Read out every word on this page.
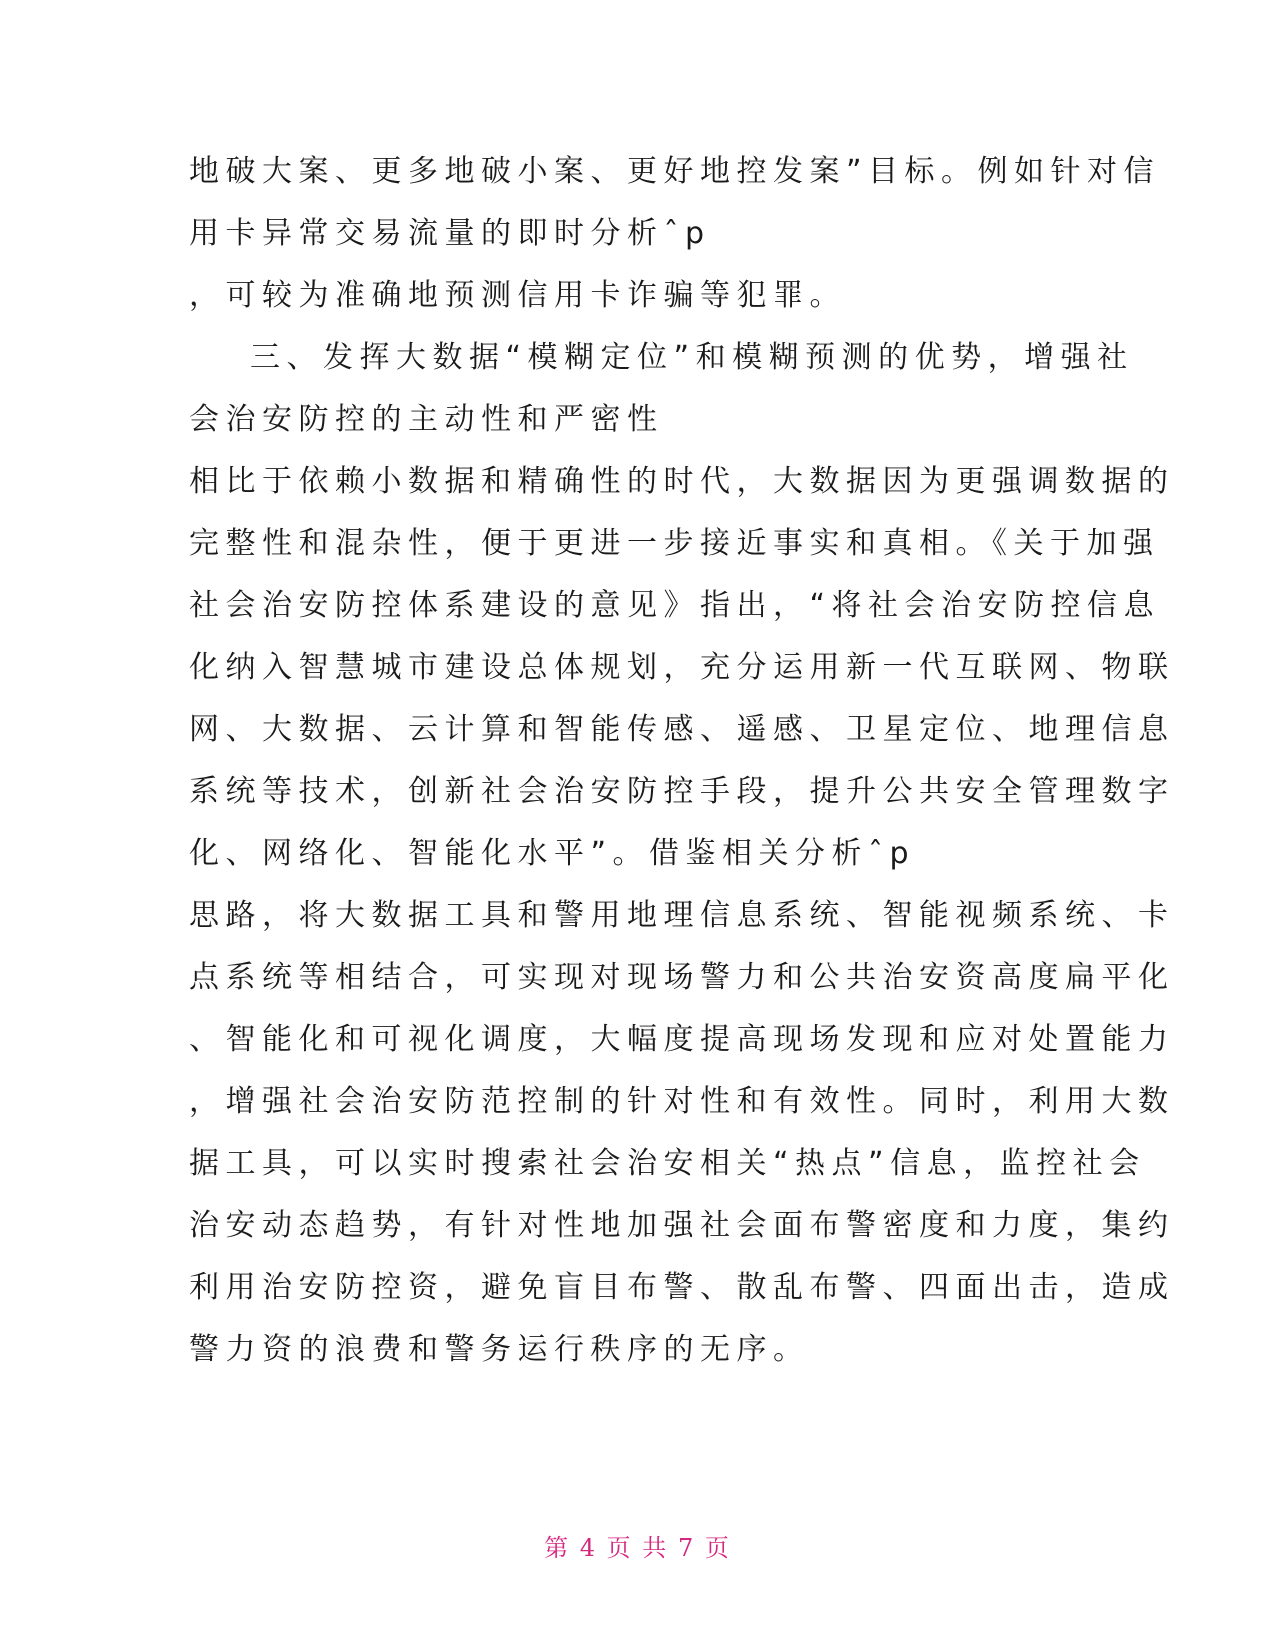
地破大案、更多地破小案、更好地控发案”目标。例如针对信
用卡异常交易流量的即时分析ˆp
，可较为准确地预测信用卡诈骗等犯罪。
三、发挥大数据“模糊定位”和模糊预测的优势，增强社
会治安防控的主动性和严密性
相比于依赖小数据和精确性的时代，大数据因为更强调数据的
完整性和混杂性，便于更进一步接近事实和真相。《关于加强
社会治安防控体系建设的意见》指出，“将社会治安防控信息
化纳入智慧城市建设总体规划，充分运用新一代互联网、物联
网、大数据、云计算和智能传感、遥感、卫星定位、地理信息
系统等技术，创新社会治安防控手段，提升公共安全管理数字
化、网络化、智能化水平”。借鉴相关分析ˆp
思路，将大数据工具和警用地理信息系统、智能视频系统、卡
点系统等相结合，可实现对现场警力和公共治安资高度扁平化
、智能化和可视化调度，大幅度提高现场发现和应对处置能力
，增强社会治安防范控制的针对性和有效性。同时，利用大数
据工具，可以实时搜索社会治安相关“热点”信息，监控社会
治安动态趋势，有针对性地加强社会面布警密度和力度，集约
利用治安防控资，避免盲目布警、散乱布警、四面出击，造成
警力资的浪费和警务运行秩序的无序。
第 4 页 共 7 页
